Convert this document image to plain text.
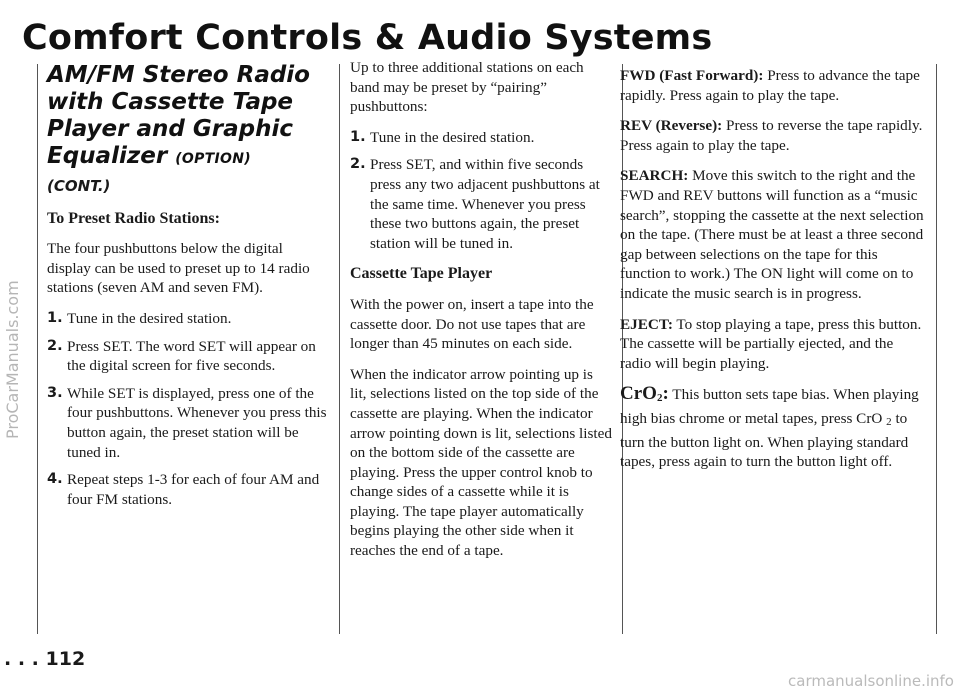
Comfort Controls & Audio Systems
AM/FM Stereo Radio with Cassette Tape Player and Graphic Equalizer (OPTION)
(CONT.)
To Preset Radio Stations:

The four pushbuttons below the digital display can be used to preset up to 14 radio stations (seven AM and seven FM).

1. Tune in the desired station.
2. Press SET. The word SET will appear on the digital screen for five seconds.
3. While SET is displayed, press one of the four pushbuttons. Whenever you press this button again, the preset station will be tuned in.
4. Repeat steps 1-3 for each of four AM and four FM stations.

Up to three additional stations on each band may be preset by “pairing” pushbuttons:

1. Tune in the desired station.
2. Press SET, and within five seconds press any two adjacent pushbuttons at the same time. Whenever you press these two buttons again, the preset station will be tuned in.
Cassette Tape Player

With the power on, insert a tape into the cassette door. Do not use tapes that are longer than 45 minutes on each side.

When the indicator arrow pointing up is lit, selections listed on the top side of the cassette are playing. When the indicator arrow pointing down is lit, selections listed on the bottom side of the cassette are playing. Press the upper control knob to change sides of a cassette while it is playing. The tape player automatically begins playing the other side when it reaches the end of a tape.

FWD (Fast Forward): Press to advance the tape rapidly. Press again to play the tape.

REV (Reverse): Press to reverse the tape rapidly. Press again to play the tape.

SEARCH: Move this switch to the right and the FWD and REV buttons will function as a “music search”, stopping the cassette at the next selection on the tape. (There must be at least a three second gap between selections on the tape for this function to work.) The ON light will come on to indicate the music search is in progress.

EJECT: To stop playing a tape, press this button. The cassette will be partially ejected, and the radio will begin playing.

CrO2: This button sets tape bias. When playing high bias chrome or metal tapes, press CrO 2 to turn the button light on. When playing standard tapes, press again to turn the button light off.

. . . 112
ProCarManuals.com
carmanualsonline.info
